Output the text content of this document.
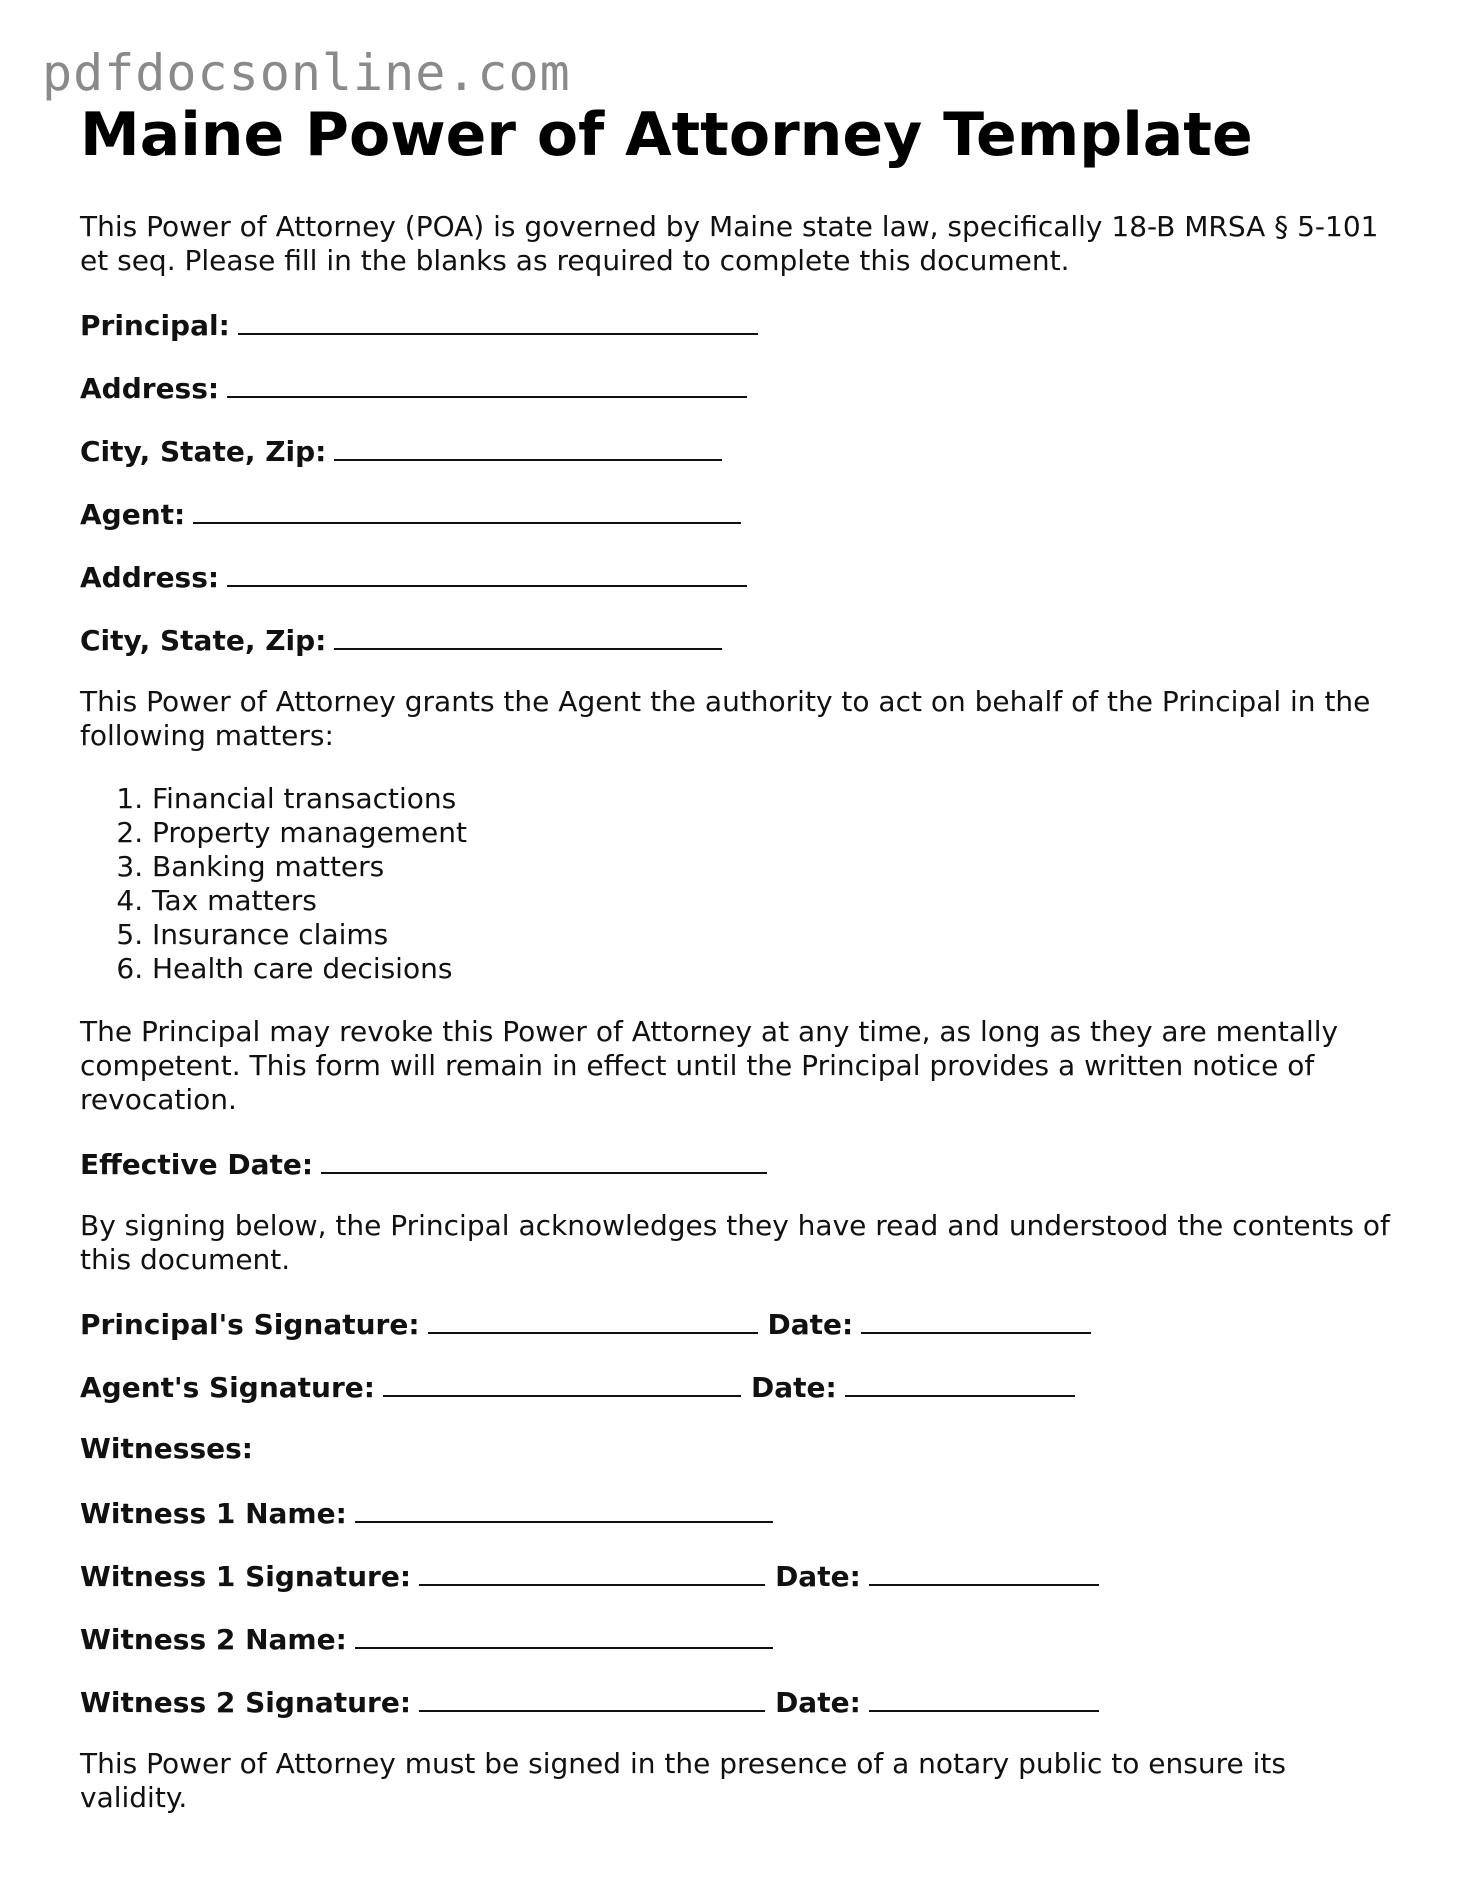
pdfdocsonline.com
Maine Power of Attorney Template

This Power of Attorney (POA) is governed by Maine state law, specifically 18-B MRSA § 5-101 et seq. Please fill in the blanks as required to complete this document.

Principal:
Address:
City, State, Zip:
Agent:
Address:
City, State, Zip:

This Power of Attorney grants the Agent the authority to act on behalf of the Principal in the following matters:

1. Financial transactions
2. Property management
3. Banking matters
4. Tax matters
5. Insurance claims
6. Health care decisions

The Principal may revoke this Power of Attorney at any time, as long as they are mentally competent. This form will remain in effect until the Principal provides a written notice of revocation.

Effective Date:

By signing below, the Principal acknowledges they have read and understood the contents of this document.

Principal's Signature:	Date:
Agent's Signature:	Date:
Witnesses:
Witness 1 Name:
Witness 1 Signature:	Date:
Witness 2 Name:
Witness 2 Signature:	Date:

This Power of Attorney must be signed in the presence of a notary public to ensure its validity.
